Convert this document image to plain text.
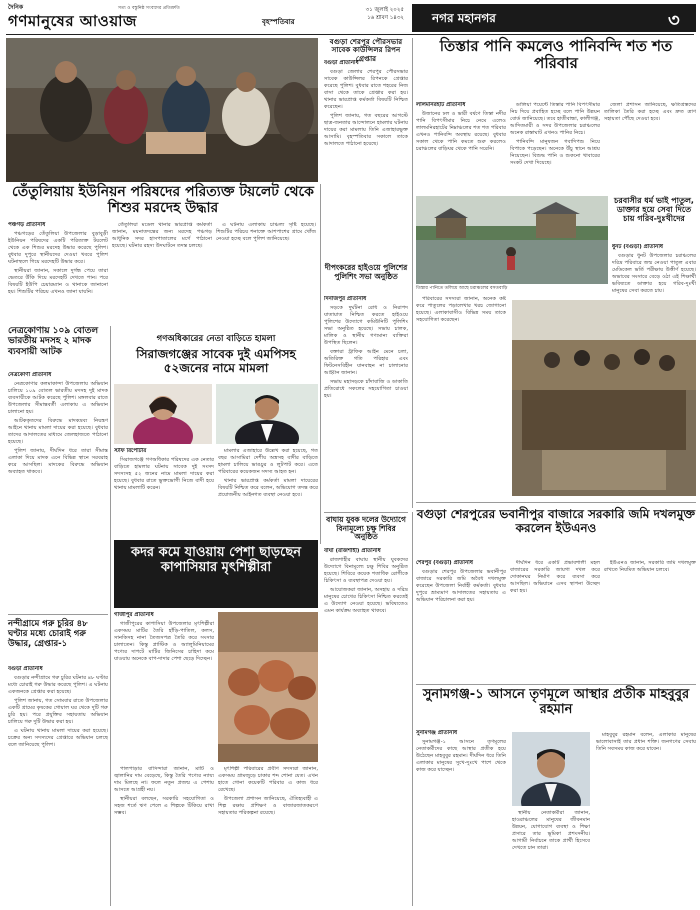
দৈনিক
গণমানুষের আওয়াজ
সত্য ও বস্তুনিষ্ঠ সংবাদের প্রতিশ্রুতি
বৃহস্পতিবার
৩১ জুলাই ২০২৫
১৬ শ্রাবণ ১৪৩২ নগর মহানগর	৩
বগুড়া শেরপুর পৌরসভার সাবেক কাউন্সিলর রিপন গ্রেপ্তার
বগুড়া প্রতিনিধি

বগুড়া জেলার শেরপুর পৌরসভার সাবেক কাউন্সিলর রিপনকে গ্রেপ্তার করেছে পুলিশ। বুধবার রাতে শহরের নিজ বাসা থেকে তাকে গ্রেপ্তার করা হয়। থানার ভারপ্রাপ্ত কর্মকর্তা বিষয়টি নিশ্চিত করেছেন।

পুলিশ জানায়, গত বছরের আগস্টে ছাত্র-জনতার আন্দোলনে হামলার ঘটনায় দায়ের করা মামলায় তিনি এজাহারভুক্ত আসামি। বৃহস্পতিবার সকালে তাকে আদালতে পাঠানো হয়েছে।

তেঁতুলিয়ায় ইউনিয়ন পরিষদের পরিত্যক্ত টয়লেট থেকে শিশুর মরদেহ উদ্ধার
পঞ্চগড় প্রতিনিধি

পঞ্চগড়ের তেঁতুলিয়া উপজেলার বুড়াবুড়ী ইউনিয়ন পরিষদের একটি পরিত্যক্ত টয়লেট থেকে এক শিশুর মরদেহ উদ্ধার করেছে পুলিশ। বুধবার দুপুরে স্থানীয়দের দেওয়া খবরে পুলিশ ঘটনাস্থলে গিয়ে মরদেহটি উদ্ধার করে।

স্থানীয়রা জানান, সকালে দুর্গন্ধ পেয়ে তারা ভেতরে উঁকি দিয়ে মরদেহটি দেখতে পান। পরে বিষয়টি ইউপি চেয়ারম্যান ও থানাকে জানানো হয়। শিশুটির পরিচয় এখনও জানা যায়নি।

তেঁতুলিয়া মডেল থানার ভারপ্রাপ্ত কর্মকর্তা জানান, ময়নাতদন্তের জন্য মরদেহ পঞ্চগড় আধুনিক সদর হাসপাতালের মর্গে পাঠানো হয়েছে। ঘটনার রহস্য উদঘাটনে তদন্ত চলছে।

এ ঘটনায় এলাকায় চাঞ্চল্য সৃষ্টি হয়েছে। শিশুটির পরিচয় শনাক্তে আশপাশের গ্রামে খোঁজ নেওয়া হচ্ছে বলে পুলিশ জানিয়েছে।

দীপংকরের হাইওয়ে পুলিশের পুলিশিং সভা অনুষ্ঠিত
দিনাজপুর প্রতিনিধি

সড়কে দুর্ঘটনা রোধ ও নিরাপদ যাতায়াত নিশ্চিত করতে হাইওয়ে পুলিশের উদ্যোগে কমিউনিটি পুলিশিং সভা অনুষ্ঠিত হয়েছে। সভায় চালক, মালিক ও স্থানীয় গণ্যমান্য ব্যক্তিরা উপস্থিত ছিলেন।

বক্তারা ট্রাফিক আইন মেনে চলা, অতিরিক্ত গতি পরিহার এবং ফিটনেসবিহীন যানবাহন না চালানোর আহ্বান জানান।

সভায় মহাসড়কে চাঁদাবাজি ও ডাকাতি প্রতিরোধে সকলের সহযোগিতা চাওয়া হয়।

তিস্তার পানি কমলেও পানিবন্দি শত শত পরিবার
লালমনিরহাট প্রতিনিধি

উজানের ঢল ও ভারী বর্ষণে তিস্তা নদীর পানি বিপৎসীমার নিচে নেমে এলেও লালমনিরহাটের নিম্নাঞ্চলের শত শত পরিবার এখনও পানিবন্দি অবস্থায় রয়েছে। বুধবার সকাল থেকে পানি কমতে শুরু করলেও চরাঞ্চলের বাড়িঘর থেকে পানি সরেনি।

ডালিয়া পয়েন্টে তিস্তার পানি বিপৎসীমার নিচ দিয়ে প্রবাহিত হচ্ছে বলে পানি উন্নয়ন বোর্ড জানিয়েছে। তবে হাতীবান্ধা, কালীগঞ্জ, আদিতমারী ও সদর উপজেলার চরাঞ্চলের অনেক রাস্তাঘাট এখনও পানির নিচে।

পানিবন্দি মানুষজন গবাদিপশু নিয়ে বিপাকে পড়েছেন। অনেকে উঁচু স্থানে আশ্রয় নিয়েছেন। বিশুদ্ধ পানি ও শুকনো খাবারের সংকট দেখা দিয়েছে।

জেলা প্রশাসন জানিয়েছে, ক্ষতিগ্রস্তদের তালিকা তৈরি করা হচ্ছে এবং দ্রুত ত্রাণ সহায়তা পৌঁছে দেওয়া হবে।

তিস্তার পানিতে তলিয়ে আছে চরাঞ্চলের বসতবাড়ি
চরবাসীর ধর্ম ভাই পাতুল, ডাক্তার হয়ে সেবা দিতে চায় গরিব-দুঃখীদের
ধুনট (বগুড়া) প্রতিনিধি

বগুড়ার ধুনট উপজেলার চরাঞ্চলের দরিদ্র পরিবারে জন্ম নেওয়া পাতুল এবার মেডিকেল ভর্তি পরীক্ষায় উত্তীর্ণ হয়েছে। অভাবের সংসারে বেড়ে ওঠা এই শিক্ষার্থী ভবিষ্যতে ডাক্তার হয়ে গরিব-দুঃখী মানুষের সেবা করতে চায়।

পরিবারের সদস্যরা জানান, অনেক কষ্ট করে পাতুলের পড়ালেখার খরচ জোগানো হয়েছে। এলাকাবাসীও বিভিন্ন সময় তাকে সহযোগিতা করেছেন।

নেত্রকোণায় ১০৯ বোতল ভারতীয় মদসহ ২ মাদক ব্যবসায়ী আটক
নেত্রকোণা প্রতিনিধি

নেত্রকোণার কলমাকান্দা উপজেলায় অভিযান চালিয়ে ১০৯ বোতল ভারতীয় মদসহ দুই মাদক ব্যবসায়ীকে আটক করেছে পুলিশ। মঙ্গলবার রাতে উপজেলার সীমান্তবর্তী এলাকায় এ অভিযান চালানো হয়।

আটককৃতদের বিরুদ্ধে মাদকদ্রব্য নিয়ন্ত্রণ আইনে থানায় মামলা দায়ের করা হয়েছে। বুধবার তাদের আদালতের মাধ্যমে জেলহাজতে পাঠানো হয়েছে।

পুলিশ জানায়, দীর্ঘদিন ধরে তারা সীমান্ত এলাকা দিয়ে মাদক এনে বিভিন্ন স্থানে সরবরাহ করে আসছিল। মাদকের বিরুদ্ধে অভিযান অব্যাহত থাকবে।

গণঅধিকারের নেতা বাড়িতে হামলা
সিরাজগঞ্জের সাবেক দুই এমপিসহ ৫২জনের নামে মামলা
স্টাফ রিপোর্টার

সিরাজগঞ্জে গণঅধিকার পরিষদের এক নেতার বাড়িতে হামলার ঘটনায় সাবেক দুই সংসদ সদস্যসহ ৫২ জনের নামে মামলা দায়ের করা হয়েছে। বুধবার রাতে ভুক্তভোগী নিজে বাদী হয়ে থানায় মামলাটি করেন।

মামলার এজাহারে উল্লেখ করা হয়েছে, গত বছর আসামিরা দেশীয় অস্ত্রসহ বাদীর বাড়িতে হামলা চালিয়ে ভাঙচুর ও লুটপাট করে। এতে পরিবারের কয়েকজন সদস্য আহত হন।

থানার ভারপ্রাপ্ত কর্মকর্তা মামলা দায়েরের বিষয়টি নিশ্চিত করে বলেন, অভিযোগ তদন্ত করে প্রয়োজনীয় আইনগত ব্যবস্থা নেওয়া হবে।

বাঘায় যুবক দলের উদ্যোগে বিনামূল্যে চক্ষু শিবির অনুষ্ঠিত
বাঘা (রাজশাহী) প্রতিনিধি

রাজশাহীর বাঘায় স্থানীয় যুবকদের উদ্যোগে বিনামূল্যে চক্ষু শিবির অনুষ্ঠিত হয়েছে। শিবিরে কয়েক শতাধিক রোগীকে চিকিৎসা ও ব্যবস্থাপত্র দেওয়া হয়।

আয়োজকরা জানান, অসহায় ও দরিদ্র মানুষের চোখের চিকিৎসা নিশ্চিত করতেই এ উদ্যোগ নেওয়া হয়েছে। ভবিষ্যতেও এমন কার্যক্রম অব্যাহত থাকবে।

কদর কমে যাওয়ায় পেশা ছাড়ছেন কাপাসিয়ার মৃৎশিল্পীরা
গাজীপুর প্রতিনিধি

গাজীপুরের কাপাসিয়া উপজেলার মৃৎশিল্পীরা একসময় মাটির তৈরি হাঁড়ি-পাতিল, কলস, সানকিসহ নানা তৈজসপত্র তৈরি করে সংসার চালাতেন। কিন্তু প্লাস্টিক ও অ্যালুমিনিয়ামের পণ্যের দাপটে মাটির জিনিসের চাহিদা কমে যাওয়ায় অনেকে বাপ-দাদার পেশা ছেড়ে দিচ্ছেন।

পালপাড়ার বাসিন্দারা জানান, মাটি ও জ্বালানির দাম বেড়েছে, কিন্তু তৈরি পণ্যের ন্যায্য দাম মিলছে না। ফলে নতুন প্রজন্ম এ পেশায় আসতে আগ্রহী নয়।

স্থানীয়রা বলছেন, সরকারি সহযোগিতা ও সহজ শর্তে ঋণ পেলে এ শিল্পকে টিকিয়ে রাখা সম্ভব।

মৃৎশিল্পী পরিবারের প্রবীণ সদস্যরা জানান, একসময় গ্রামজুড়ে চাকার শব্দ শোনা যেত। এখন হাতে গোনা কয়েকটি পরিবার এ কাজ ধরে রেখেছে।

উপজেলা প্রশাসন জানিয়েছে, ঐতিহ্যবাহী এ শিল্প রক্ষায় প্রশিক্ষণ ও বাজারজাতকরণে সহায়তার পরিকল্পনা রয়েছে।

নন্দীগ্রামে গরু চুরির ৪৮ ঘণ্টার মধ্যে চোরাই গরু উদ্ধার, গ্রেপ্তার-১
বগুড়া প্রতিনিধি

বগুড়ার নন্দীগ্রামে গরু চুরির ঘটনার ৪৮ ঘণ্টার মধ্যে চোরাই গরু উদ্ধার করেছে পুলিশ। এ ঘটনায় একজনকে গ্রেপ্তার করা হয়েছে।

পুলিশ জানায়, গত সোমবার রাতে উপজেলার একটি গ্রামের কৃষকের গোয়াল ঘর থেকে দুটি গরু চুরি হয়। পরে প্রযুক্তির সহায়তায় অভিযান চালিয়ে গরু দুটি উদ্ধার করা হয়।

এ ঘটনায় থানায় মামলা দায়ের করা হয়েছে। চক্রের অন্য সদস্যদের গ্রেপ্তারে অভিযান চলছে বলে জানিয়েছে পুলিশ।

বগুড়া শেরপুরের ভবানীপুর বাজারে সরকারি জমি দখলমুক্ত করলেন ইউএনও
শেরপুর (বগুড়া) প্রতিনিধি

বগুড়ার শেরপুর উপজেলার ভবানীপুর বাজারে সরকারি জমি অবৈধ দখলমুক্ত করেছেন উপজেলা নির্বাহী কর্মকর্তা। বুধবার দুপুরে ভ্রাম্যমাণ আদালতের সহায়তায় এ অভিযান পরিচালনা করা হয়।

দীর্ঘদিন ধরে একটি প্রভাবশালী মহল বাজারের সরকারি জায়গা দখল করে দোকানঘর নির্মাণ করে ব্যবসা করে আসছিল। অভিযানে এসব স্থাপনা উচ্ছেদ করা হয়।

ইউএনও জানান, সরকারি জমি দখলমুক্ত রাখতে নিয়মিত অভিযান চলবে।

সুনামগঞ্জ-১ আসনে তৃণমূলে আস্থার প্রতীক মাহবুবুর রহমান
সুনামগঞ্জ প্রতিনিধি

সুনামগঞ্জ-১ আসনে তৃণমূলের নেতাকর্মীদের কাছে আস্থার প্রতীক হয়ে উঠেছেন মাহবুবুর রহমান। দীর্ঘদিন ধরে তিনি এলাকার মানুষের সুখে-দুঃখে পাশে থেকে কাজ করে যাচ্ছেন।

স্থানীয় নেতাকর্মীরা জানান, হাওরাঞ্চলের মানুষের জীবনমান উন্নয়ন, যোগাযোগ ব্যবস্থা ও শিক্ষা প্রসারে তার ভূমিকা প্রশংসনীয়। আগামী নির্বাচনে তাকে প্রার্থী হিসেবে দেখতে চান তারা।

মাহবুবুর রহমান বলেন, এলাকার মানুষের ভালোবাসাই তার প্রধান শক্তি। জনগণের সেবায় তিনি সবসময় কাজ করে যাবেন।
